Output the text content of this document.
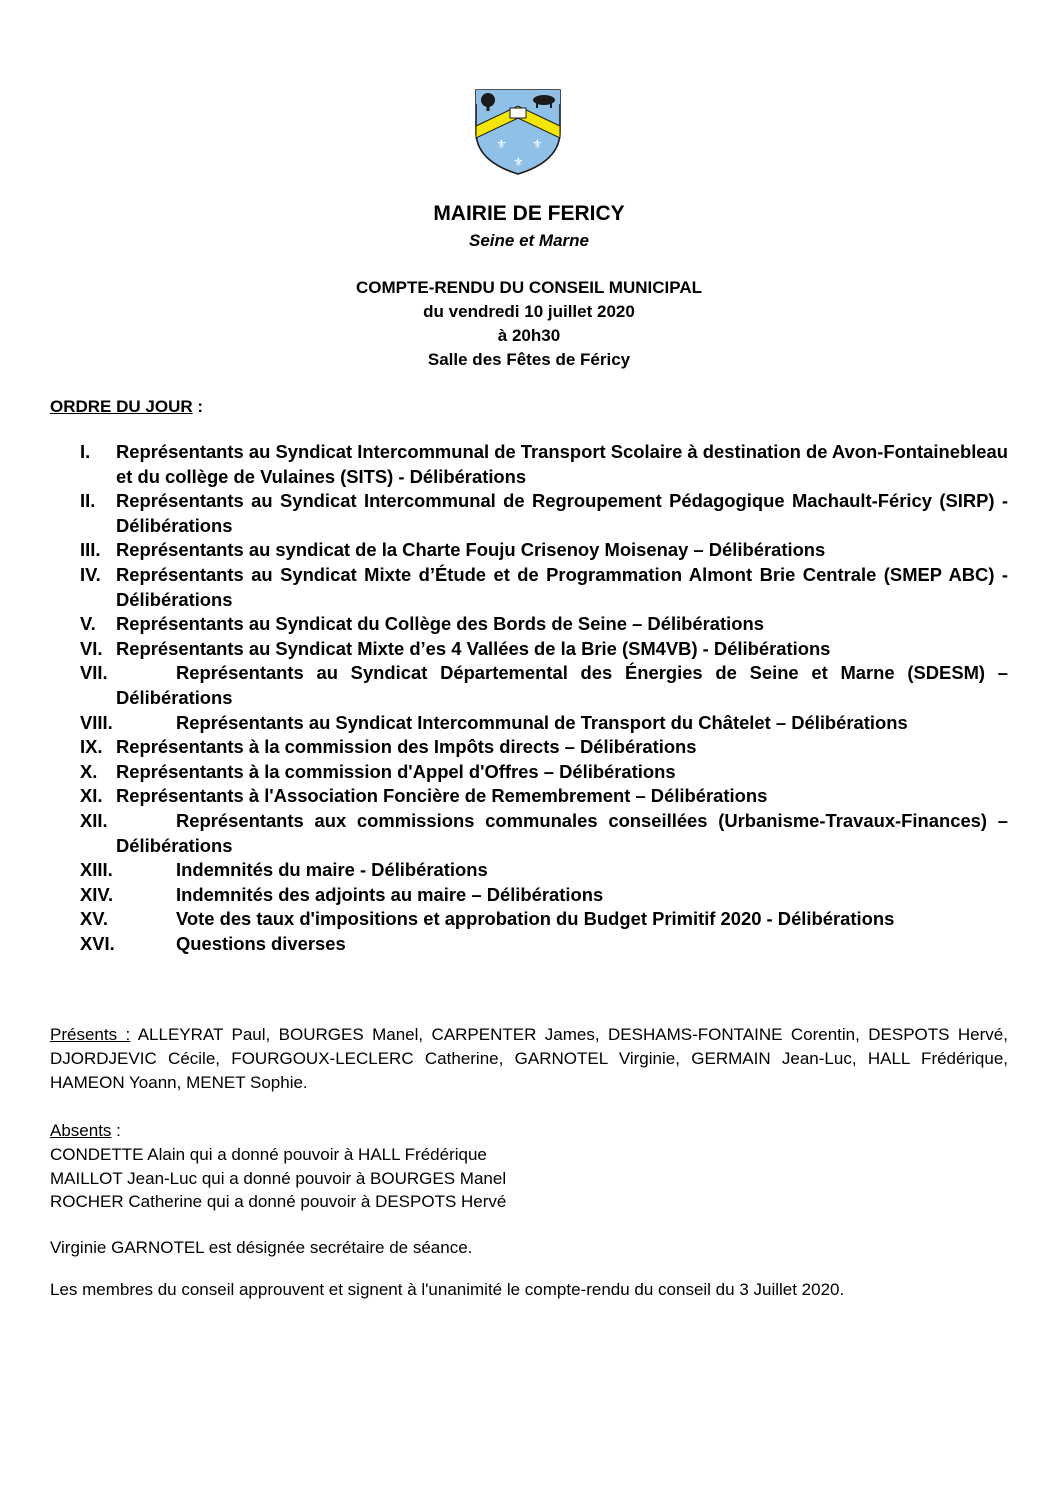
⚜ ⚜
⚜
MAIRIE DE FERICY
Seine et Marne
COMPTE-RENDU DU CONSEIL MUNICIPAL
du vendredi 10 juillet 2020
à 20h30
Salle des Fêtes de Féricy
ORDRE DU JOUR :
I. Représentants au Syndicat Intercommunal de Transport Scolaire à destination de Avon-Fontainebleau et du collège de Vulaines (SITS) - Délibérations
II. Représentants au Syndicat Intercommunal de Regroupement Pédagogique Machault-Féricy (SIRP) - Délibérations
III. Représentants au syndicat de la Charte Fouju Crisenoy Moisenay – Délibérations
IV. Représentants au Syndicat Mixte d’Étude et de Programmation Almont Brie Centrale (SMEP ABC) - Délibérations
V. Représentants au Syndicat du Collège des Bords de Seine – Délibérations
VI. Représentants au Syndicat Mixte d’es 4 Vallées de la Brie (SM4VB) - Délibérations
VII.	Représentants au Syndicat Départemental des Énergies de Seine et Marne (SDESM) – Délibérations
VIII.	Représentants au Syndicat Intercommunal de Transport du Châtelet – Délibérations
IX. Représentants à la commission des Impôts directs – Délibérations
X. Représentants à la commission d'Appel d'Offres – Délibérations
XI. Représentants à l'Association Foncière de Remembrement – Délibérations
XII.	Représentants aux commissions communales conseillées (Urbanisme-Travaux-Finances) – Délibérations
XIII.	Indemnités du maire - Délibérations
XIV.	Indemnités des adjoints au maire – Délibérations
XV.	Vote des taux d'impositions et approbation du Budget Primitif 2020 - Délibérations
XVI.	Questions diverses

Présents : ALLEYRAT Paul, BOURGES Manel, CARPENTER James, DESHAMS-FONTAINE Corentin, DESPOTS Hervé, DJORDJEVIC Cécile, FOURGOUX-LECLERC Catherine, GARNOTEL Virginie, GERMAIN Jean-Luc, HALL Frédérique, HAMEON Yoann, MENET Sophie.

Absents :
CONDETTE Alain qui a donné pouvoir à HALL Frédérique
MAILLOT Jean-Luc qui a donné pouvoir à BOURGES Manel
ROCHER Catherine qui a donné pouvoir à DESPOTS Hervé

Virginie GARNOTEL est désignée secrétaire de séance.

Les membres du conseil approuvent et signent à l'unanimité le compte-rendu du conseil du 3 Juillet 2020.
